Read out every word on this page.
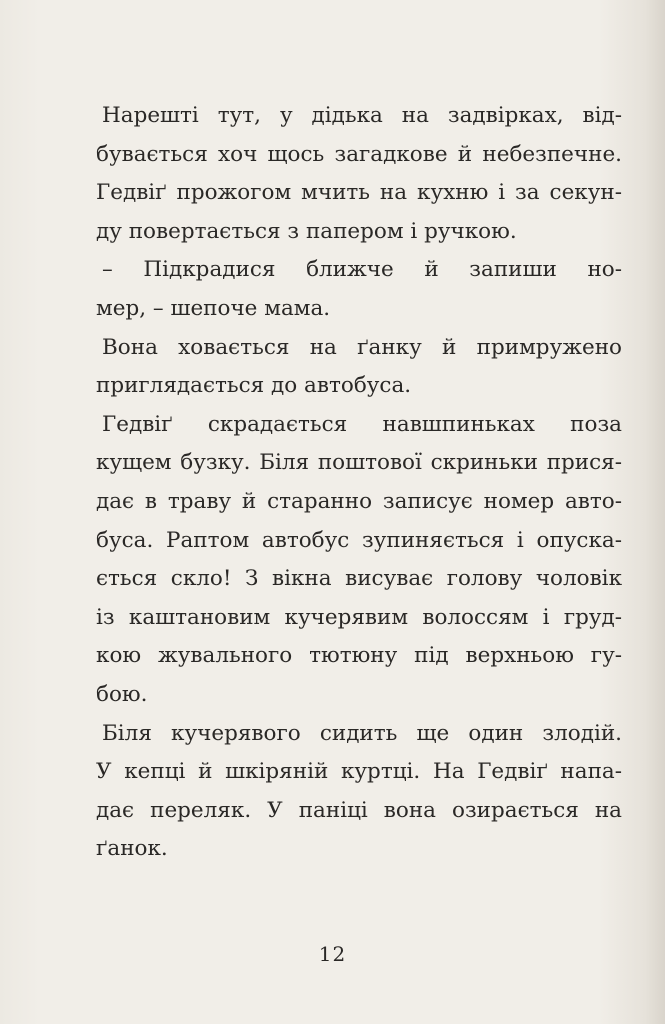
Нарешті тут, у дідька на задвірках, від-
бувається хоч щось загадкове й небезпечне.
Гедвіґ прожогом мчить на кухню і за секун-
ду повертається з папером і ручкою.
– Підкрадися ближче й запиши но-
мер, – шепоче мама.
Вона ховається на ґанку й примружено
приглядається до автобуса.
Гедвіґ скрадається навшпиньках поза
кущем бузку. Біля поштової скриньки прися-
дає в траву й старанно записує номер авто-
буса. Раптом автобус зупиняється і опуска-
ється скло! З вікна висуває голову чоловік
із каштановим кучерявим волоссям і груд-
кою жувального тютюну під верхньою гу-
бою.
Біля кучерявого сидить ще один злодій.
У кепці й шкіряній куртці. На Гедвіґ напа-
дає переляк. У паніці вона озирається на
ґанок.
12
